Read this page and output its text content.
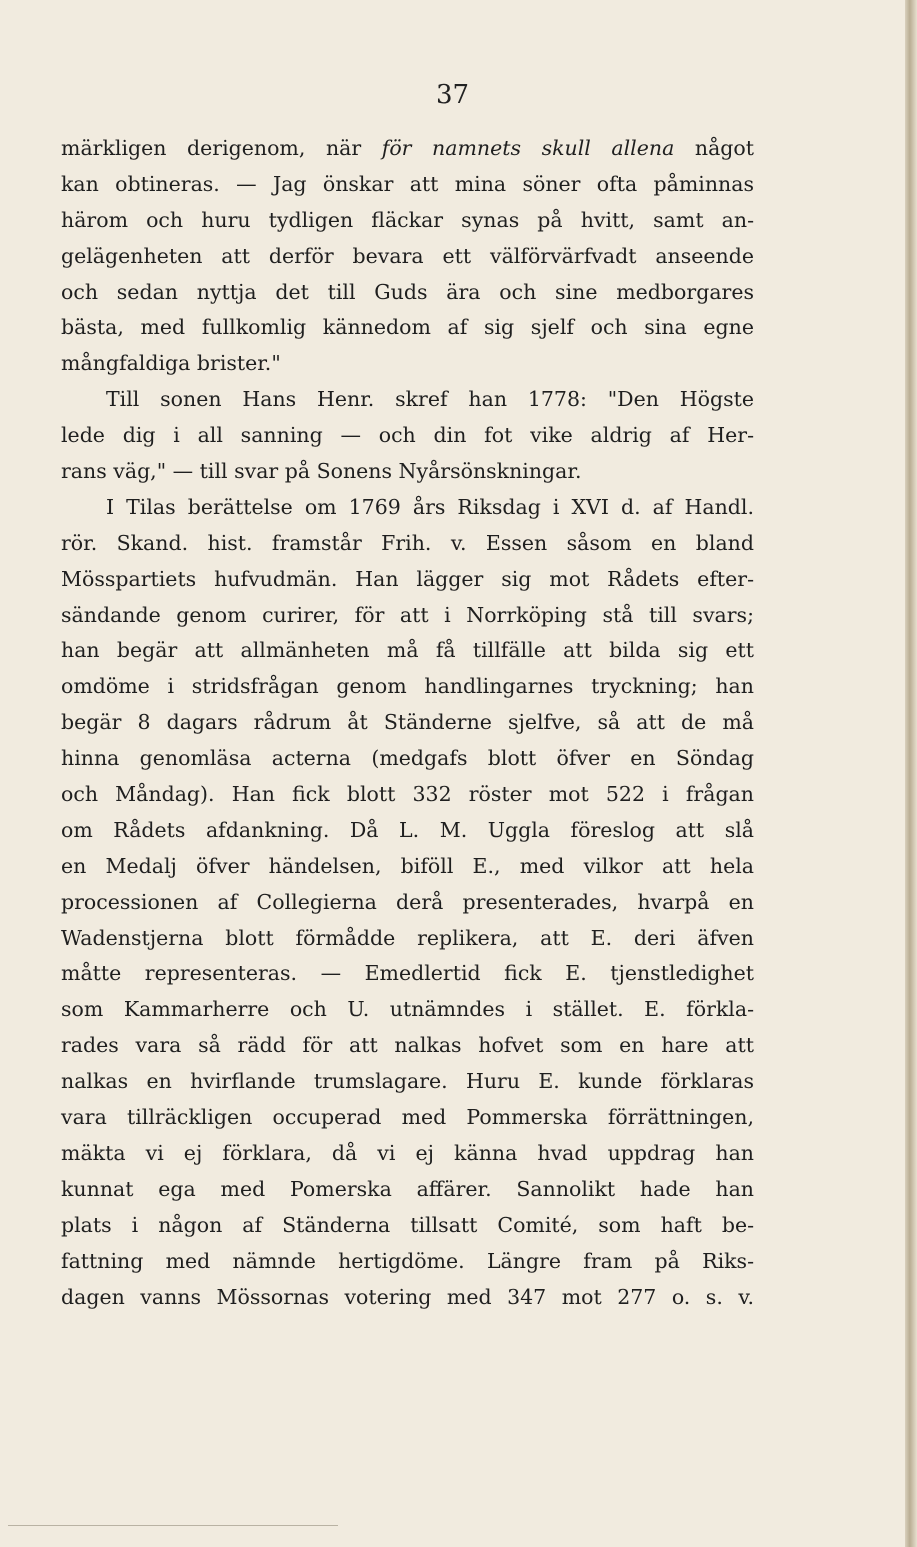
37
märkligen derigenom, när för namnets skull allena något
kan obtineras. — Jag önskar att mina söner ofta påminnas
härom och huru tydligen fläckar synas på hvitt, samt an-
gelägenheten att derför bevara ett välförvärfvadt anseende
och sedan nyttja det till Guds ära och sine medborgares
bästa, med fullkomlig kännedom af sig sjelf och sina egne
mångfaldiga brister."
Till sonen Hans Henr. skref han 1778: "Den Högste
lede dig i all sanning — och din fot vike aldrig af Her-
rans väg," — till svar på Sonens Nyårsönskningar.
I Tilas berättelse om 1769 års Riksdag i XVI d. af Handl.
rör. Skand. hist. framstår Frih. v. Essen såsom en bland
Mösspartiets hufvudmän. Han lägger sig mot Rådets efter-
sändande genom curirer, för att i Norrköping stå till svars;
han begär att allmänheten må få tillfälle att bilda sig ett
omdöme i stridsfrågan genom handlingarnes tryckning; han
begär 8 dagars rådrum åt Ständerne sjelfve, så att de må
hinna genomläsa acterna (medgafs blott öfver en Söndag
och Måndag). Han fick blott 332 röster mot 522 i frågan
om Rådets afdankning. Då L. M. Uggla föreslog att slå
en Medalj öfver händelsen, biföll E., med vilkor att hela
processionen af Collegierna derå presenterades, hvarpå en
Wadenstjerna blott förmådde replikera, att E. deri äfven
måtte representeras. — Emedlertid fick E. tjenstledighet
som Kammarherre och U. utnämndes i stället. E. förkla-
rades vara så rädd för att nalkas hofvet som en hare att
nalkas en hvirflande trumslagare. Huru E. kunde förklaras
vara tillräckligen occuperad med Pommerska förrättningen,
mäkta vi ej förklara, då vi ej känna hvad uppdrag han
kunnat ega med Pomerska affärer. Sannolikt hade han
plats i någon af Ständerna tillsatt Comité, som haft be-
fattning med nämnde hertigdöme. Längre fram på Riks-
dagen vanns Mössornas votering med 347 mot 277 o. s. v.
